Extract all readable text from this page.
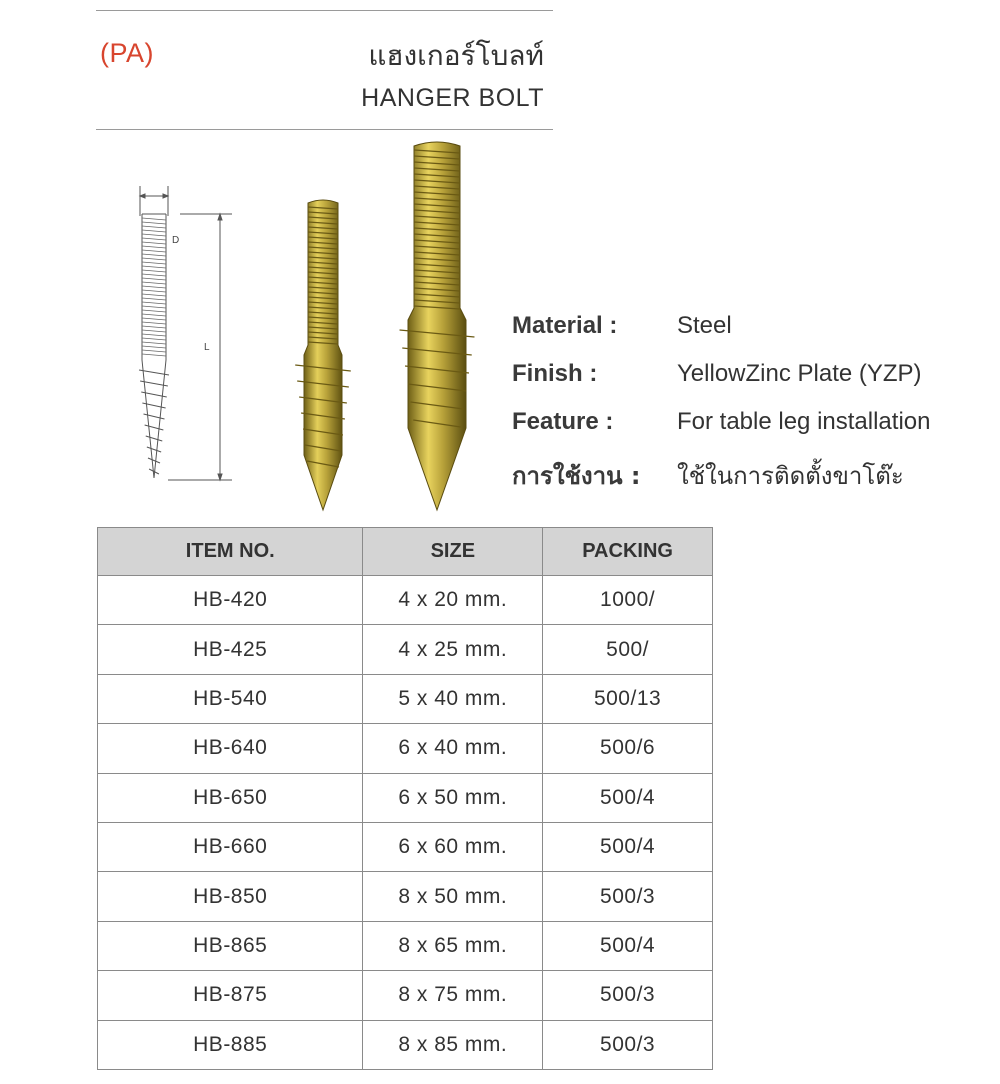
(PA)	แฮงเกอร์โบลท์
HANGER BOLT
D
L
Material : Steel
Finish :	YellowZinc Plate (YZP)
Feature :	For table leg installation
การใช้งาน : ใช้ในการติดตั้งขาโต๊ะ
ITEM NO.	SIZE	PACKING
HB-420	4 x 20 mm.	1000/
HB-425	4 x 25 mm.	500/
HB-540	5 x 40 mm.	500/13
HB-640	6 x 40 mm.	500/6
HB-650	6 x 50 mm.	500/4
HB-660	6 x 60 mm.	500/4
HB-850	8 x 50 mm.	500/3
HB-865	8 x 65 mm.	500/4
HB-875	8 x 75 mm.	500/3
HB-885	8 x 85 mm.	500/3
